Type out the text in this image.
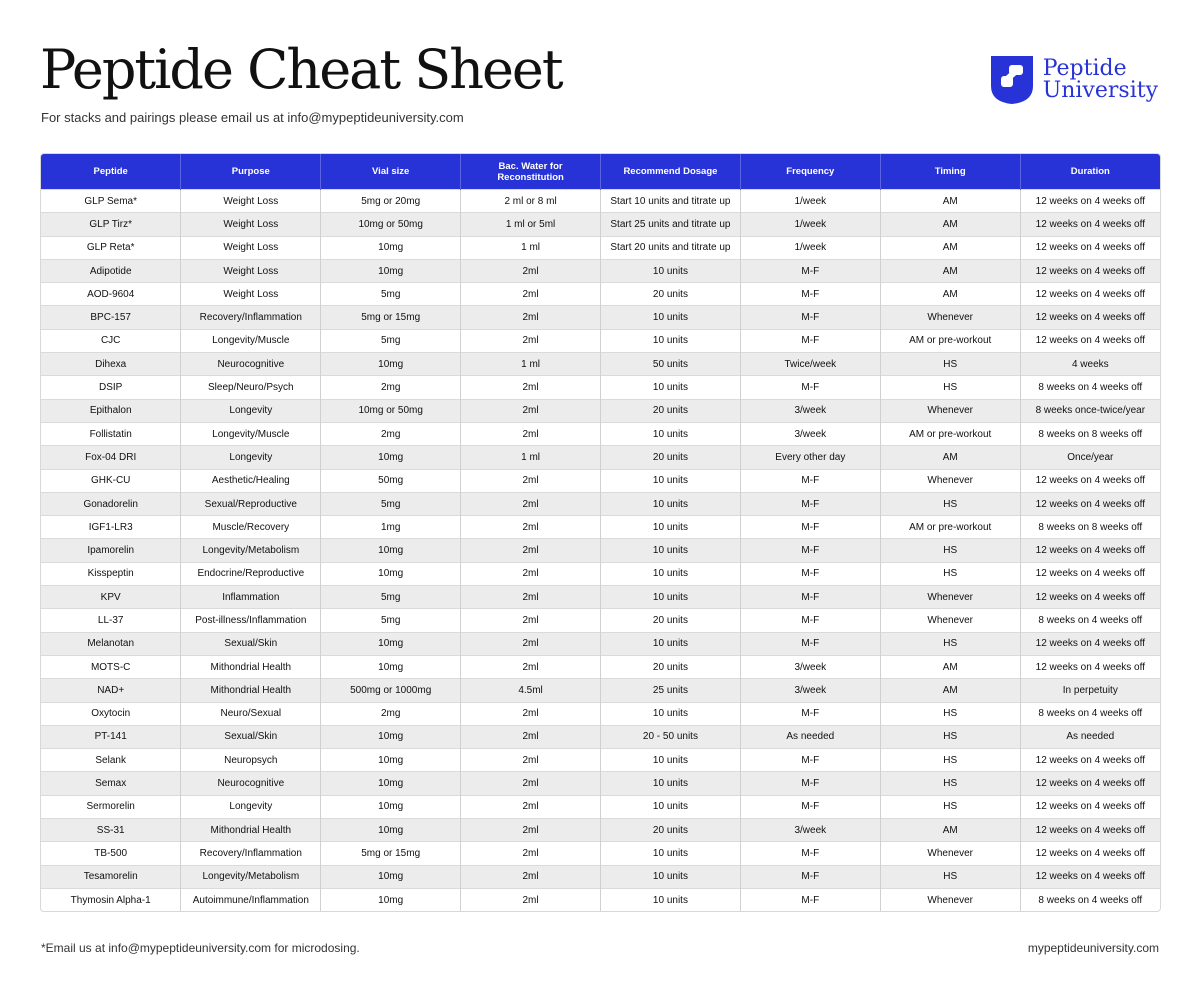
Peptide Cheat Sheet
For stacks and pairings please email us at info@mypeptideuniversity.com
Peptide
University
Peptide	Purpose	Vial size	Bac. Water for Reconstitution	Recommend Dosage	Frequency	Timing	Duration
GLP Sema*	Weight Loss	5mg or 20mg	2 ml or 8 ml	Start 10 units and titrate up	1/week	AM	12 weeks on 4 weeks off
GLP Tirz*	Weight Loss	10mg or 50mg	1 ml or 5ml	Start 25 units and titrate up	1/week	AM	12 weeks on 4 weeks off
GLP Reta*	Weight Loss	10mg	1 ml	Start 20 units and titrate up	1/week	AM	12 weeks on 4 weeks off
Adipotide	Weight Loss	10mg	2ml	10 units	M-F	AM	12 weeks on 4 weeks off
AOD-9604	Weight Loss	5mg	2ml	20 units	M-F	AM	12 weeks on 4 weeks off
BPC-157	Recovery/Inflammation	5mg or 15mg	2ml	10 units	M-F	Whenever	12 weeks on 4 weeks off
CJC	Longevity/Muscle	5mg	2ml	10 units	M-F	AM or pre-workout	12 weeks on 4 weeks off
Dihexa	Neurocognitive	10mg	1 ml	50 units	Twice/week	HS	4 weeks
DSIP	Sleep/Neuro/Psych	2mg	2ml	10 units	M-F	HS	8 weeks on 4 weeks off
Epithalon	Longevity	10mg or 50mg	2ml	20 units	3/week	Whenever	8 weeks once-twice/year
Follistatin	Longevity/Muscle	2mg	2ml	10 units	3/week	AM or pre-workout	8 weeks on 8 weeks off
Fox-04 DRI	Longevity	10mg	1 ml	20 units	Every other day	AM	Once/year
GHK-CU	Aesthetic/Healing	50mg	2ml	10 units	M-F	Whenever	12 weeks on 4 weeks off
Gonadorelin	Sexual/Reproductive	5mg	2ml	10 units	M-F	HS	12 weeks on 4 weeks off
IGF1-LR3	Muscle/Recovery	1mg	2ml	10 units	M-F	AM or pre-workout	8 weeks on 8 weeks off
Ipamorelin	Longevity/Metabolism	10mg	2ml	10 units	M-F	HS	12 weeks on 4 weeks off
Kisspeptin	Endocrine/Reproductive	10mg	2ml	10 units	M-F	HS	12 weeks on 4 weeks off
KPV	Inflammation	5mg	2ml	10 units	M-F	Whenever	12 weeks on 4 weeks off
LL-37	Post-illness/Inflammation	5mg	2ml	20 units	M-F	Whenever	8 weeks on 4 weeks off
Melanotan	Sexual/Skin	10mg	2ml	10 units	M-F	HS	12 weeks on 4 weeks off
MOTS-C	Mithondrial Health	10mg	2ml	20 units	3/week	AM	12 weeks on 4 weeks off
NAD+	Mithondrial Health	500mg or 1000mg	4.5ml	25 units	3/week	AM	In perpetuity
Oxytocin	Neuro/Sexual	2mg	2ml	10 units	M-F	HS	8 weeks on 4 weeks off
PT-141	Sexual/Skin	10mg	2ml	20 - 50 units	As needed	HS	As needed
Selank	Neuropsych	10mg	2ml	10 units	M-F	HS	12 weeks on 4 weeks off
Semax	Neurocognitive	10mg	2ml	10 units	M-F	HS	12 weeks on 4 weeks off
Sermorelin	Longevity	10mg	2ml	10 units	M-F	HS	12 weeks on 4 weeks off
SS-31	Mithondrial Health	10mg	2ml	20 units	3/week	AM	12 weeks on 4 weeks off
TB-500	Recovery/Inflammation	5mg or 15mg	2ml	10 units	M-F	Whenever	12 weeks on 4 weeks off
Tesamorelin	Longevity/Metabolism	10mg	2ml	10 units	M-F	HS	12 weeks on 4 weeks off
Thymosin Alpha-1	Autoimmune/Inflammation	10mg	2ml	10 units	M-F	Whenever	8 weeks on 4 weeks off
*Email us at info@mypeptideuniversity.com for microdosing.	mypeptideuniversity.com
